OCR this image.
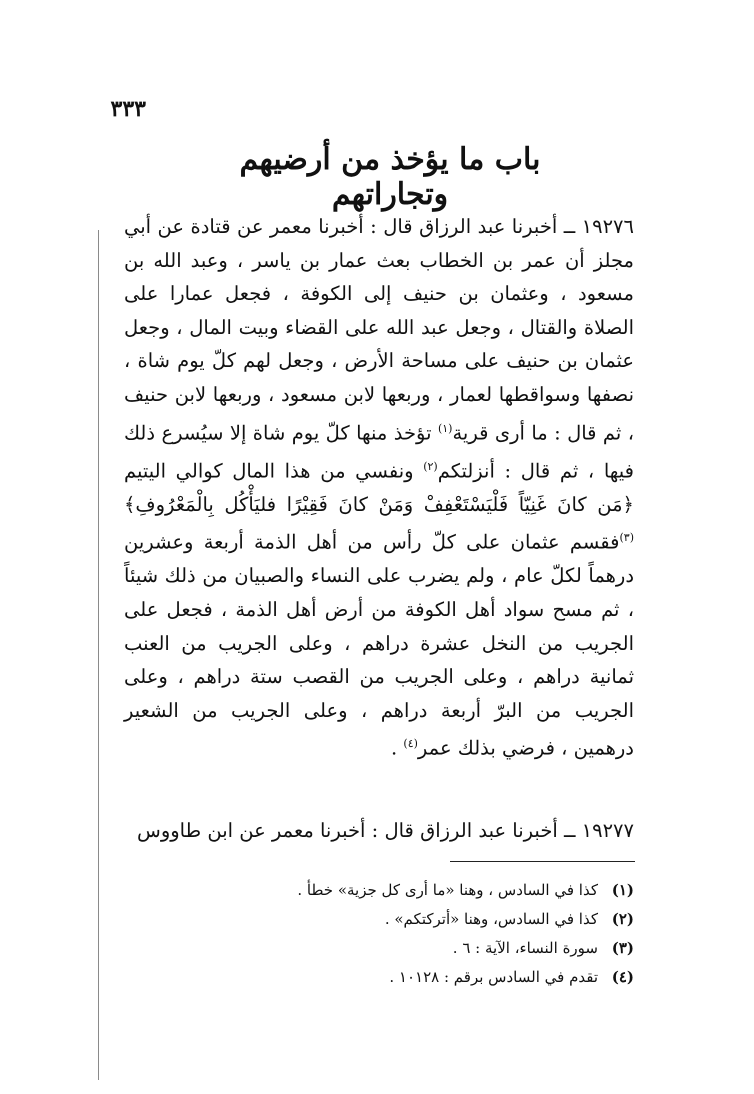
٣٣٣
باب ما يؤخذ من أرضيهم وتجاراتهم

١٩٢٧٦ ــ أخبرنا عبد الرزاق قال : أخبرنا معمر عن قتادة عن أبي مجلز أن عمر بن الخطاب بعث عمار بن ياسر ، وعبد الله بن مسعود ، وعثمان بن حنيف إلى الكوفة ، فجعل عمارا على الصلاة والقتال ، وجعل عبد الله على القضاء وبيت المال ، وجعل عثمان بن حنيف على مساحة الأرض ، وجعل لهم كلّ يوم شاة ، نصفها وسواقطها لعمار ، وربعها لابن مسعود ، وربعها لابن حنيف ، ثم قال : ما أرى قرية$^{(١)}$ تؤخذ منها كلّ يوم شاة إلا سيُسرع ذلك فيها ، ثم قال : أنزلتكم$^{(٢)}$ ونفسي من هذا المال كوالي اليتيم ﴿مَن كانَ غَنِيّاً فَلْيَسْتَعْفِفْ وَمَنْ كانَ فَقِيْرًا فليَأْكُل بِالْمَعْرُوفِ﴾$^{(٣)}$فقسم عثمان على كلّ رأس من أهل الذمة أربعة وعشرين درهماً لكلّ عام ، ولم يضرب على النساء والصبيان من ذلك شيئاً ، ثم مسح سواد أهل الكوفة من أرض أهل الذمة ، فجعل على الجريب من النخل عشرة دراهم ، وعلى الجريب من العنب ثمانية دراهم ، وعلى الجريب من القصب ستة دراهم ، وعلى الجريب من البرّ أربعة دراهم ، وعلى الجريب من الشعير درهمين ، فرضي بذلك عمر$^{(٤)}$ .

١٩٢٧٧ ــ أخبرنا عبد الرزاق قال : أخبرنا معمر عن ابن طاووس
(١)
كذا في السادس ، وهنا «ما أرى كل جزية» خطأ .
(٢)
كذا في السادس، وهنا «أتركتكم» .
(٣)
سورة النساء، الآية : ٦ .
(٤)
تقدم في السادس برقم : ١٠١٢٨ .
